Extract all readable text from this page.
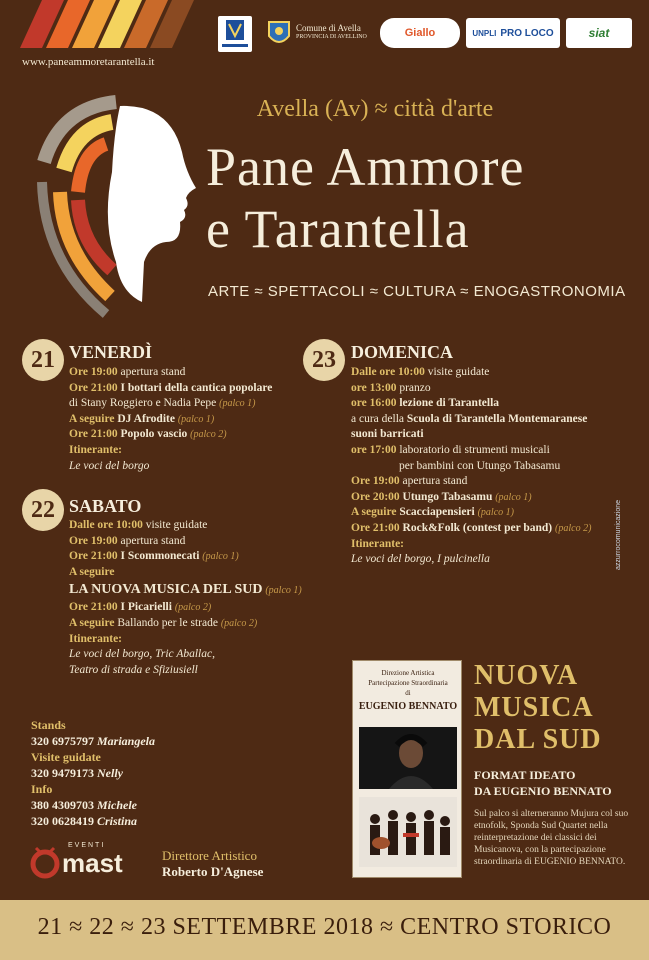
www.paneammoretarantella.it
Comune di Avella
PROVINCIA DI AVELLINO	Giallo	UNPLI PRO LOCO	siat
Avella (Av) ≈ città d'arte
Pane Ammore
e Tarantella
ARTE ≈ SPETTACOLI ≈ CULTURA ≈ ENOGASTRONOMIA
21 VENERDÌ
Ore 19:00 apertura stand
Ore 21:00 I bottari della cantica popolare
di Stany Roggiero e Nadia Pepe (palco 1)
A seguire DJ Afrodite (palco 1)
Ore 21:00 Popolo vascio (palco 2)
Itinerante:
Le voci del borgo
22 SABATO
Dalle ore 10:00 visite guidate
Ore 19:00 apertura stand
Ore 21:00 I Scommonecati (palco 1)
A seguire
LA NUOVA MUSICA DEL SUD (palco 1)
Ore 21:00 I Picarielli (palco 2)
A seguire Ballando per le strade (palco 2)
Itinerante:
Le voci del borgo, Tric Aballac,
Teatro di strada e Sfiziusiell
23 DOMENICA
Dalle ore 10:00 visite guidate
ore 13:00 pranzo
ore 16:00 lezione di Tarantella
a cura della Scuola di Tarantella Montemaranese
suoni barricati
ore 17:00 laboratorio di strumenti musicali
per bambini con Utungo Tabasamu
Ore 19:00 apertura stand
Ore 20:00 Utungo Tabasamu (palco 1)
A seguire Scacciapensieri (palco 1)
Ore 21:00 Rock&Folk (contest per band) (palco 2)
Itinerante:
Le voci del borgo, I pulcinella	azzurrocomunicazione
Stands
320 6975797 Mariangela
Visite guidate
320 9479173 Nelly
Info
380 4309703 Michele
320 0628419 Cristina
EVENTI
mast	Direttore Artistico
Roberto D'Agnese
Direzione Artistica
Partecipazione Straordinaria
di
EUGENIO BENNATO
NUOVA
MUSICA
DAL SUD
FORMAT IDEATO
DA EUGENIO BENNATO
Sul palco si alterneranno Mujura col suo etnofolk, Sponda Sud Quartet nella reinterpretazione dei classici dei Musicanova, con la partecipazione straordinaria di EUGENIO BENNATO.
21 ≈ 22 ≈ 23 SETTEMBRE 2018 ≈ CENTRO STORICO
